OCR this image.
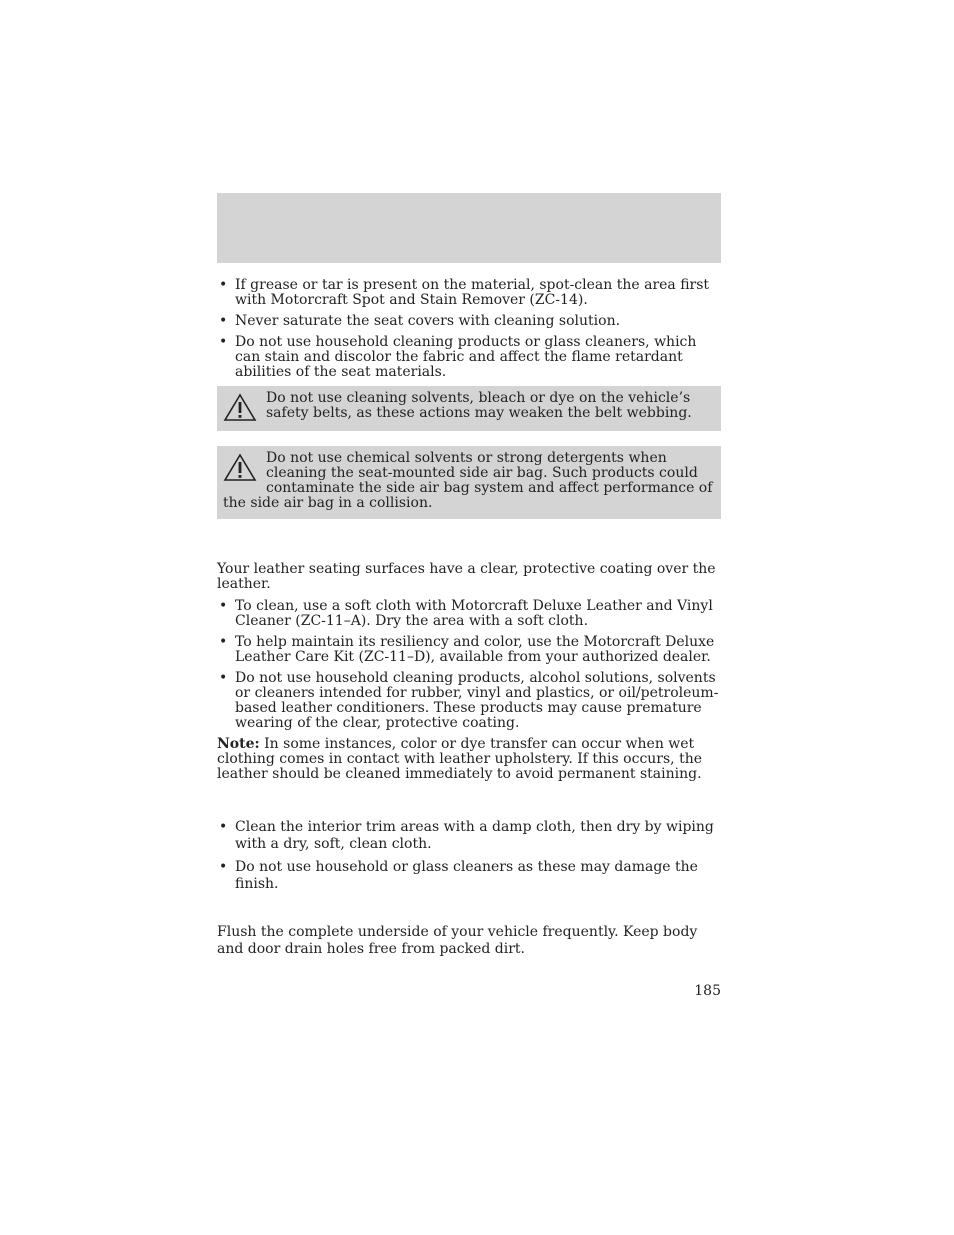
• If grease or tar is present on the material, spot-clean the area first with Motorcraft Spot and Stain Remover (ZC-14).
• Never saturate the seat covers with cleaning solution.
• Do not use household cleaning products or glass cleaners, which can stain and discolor the fabric and affect the flame retardant abilities of the seat materials.

Do not use cleaning solvents, bleach or dye on the vehicle’s safety belts, as these actions may weaken the belt webbing.

Do not use chemical solvents or strong detergents when cleaning the seat-mounted side air bag. Such products could contaminate the side air bag system and affect performance of the side air bag in a collision.

Your leather seating surfaces have a clear, protective coating over the leather.

• To clean, use a soft cloth with Motorcraft Deluxe Leather and Vinyl Cleaner (ZC-11–A). Dry the area with a soft cloth.
• To help maintain its resiliency and color, use the Motorcraft Deluxe Leather Care Kit (ZC-11–D), available from your authorized dealer.
• Do not use household cleaning products, alcohol solutions, solvents or cleaners intended for rubber, vinyl and plastics, or oil/petroleum-based leather conditioners. These products may cause premature wearing of the clear, protective coating.

Note: In some instances, color or dye transfer can occur when wet clothing comes in contact with leather upholstery. If this occurs, the leather should be cleaned immediately to avoid permanent staining.

• Clean the interior trim areas with a damp cloth, then dry by wiping with a dry, soft, clean cloth.
• Do not use household or glass cleaners as these may damage the finish.

Flush the complete underside of your vehicle frequently. Keep body and door drain holes free from packed dirt.

185
